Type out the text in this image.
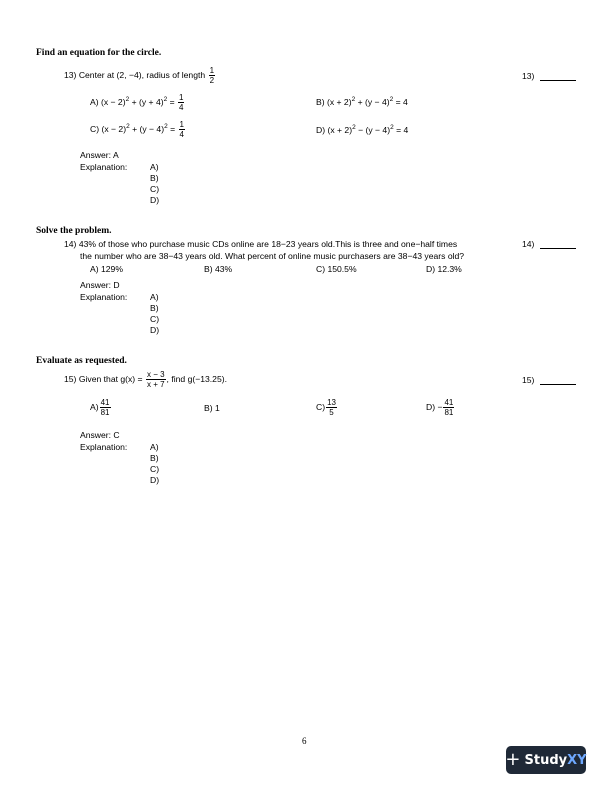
Find an equation for the circle.
13) Center at (2, −4), radius of length $\frac{1}{2}$	13)
A) $(x - 2)^2 + (y + 4)^2 = \frac{1}{4}$	B) $(x + 2)^2 + (y - 4)^2 = 4$
C) $(x - 2)^2 + (y - 4)^2 = \frac{1}{4}$	D) $(x + 2)^2 - (y - 4)^2 = 4$
Answer: A
Explanation:	A)
B)
C)
D)
Solve the problem.
14) 43% of those who purchase music CDs online are 18−23 years old.This is three and one−half times
the number who are 38−43 years old. What percent of online music purchasers are 38−43 years old?
14)
A) 129%	B) 43%	C) 150.5%	D) 12.3%
Answer: D
Explanation:	A)
B)
C)
D)
Evaluate as requested.
15) Given that $g(x) = \frac{x - 3}{x + 7}$ , find g(−13.25).	15)
$A) \frac{41}{81}$	B) 1	$C) \frac{13}{5}$	$D) - \frac{41}{81}$
Answer: C
Explanation:	A)
B)
C)
D)
6
+ Study XY
